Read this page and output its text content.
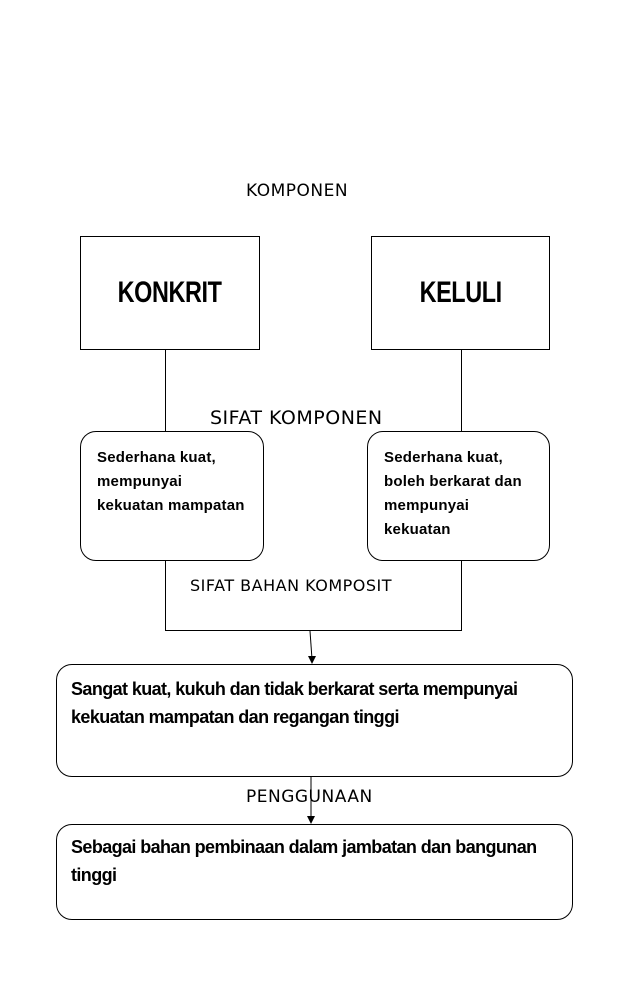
KOMPONEN
KONKRIT	KELULI
SIFAT KOMPONEN
Sederhana kuat, mempunyai kekuatan mampatan
Sederhana kuat, boleh berkarat dan mempunyai kekuatan
SIFAT BAHAN KOMPOSIT
Sangat kuat, kukuh dan tidak berkarat serta mempunyai kekuatan mampatan dan regangan tinggi
PENGGUNAAN
Sebagai bahan pembinaan dalam jambatan dan bangunan tinggi
